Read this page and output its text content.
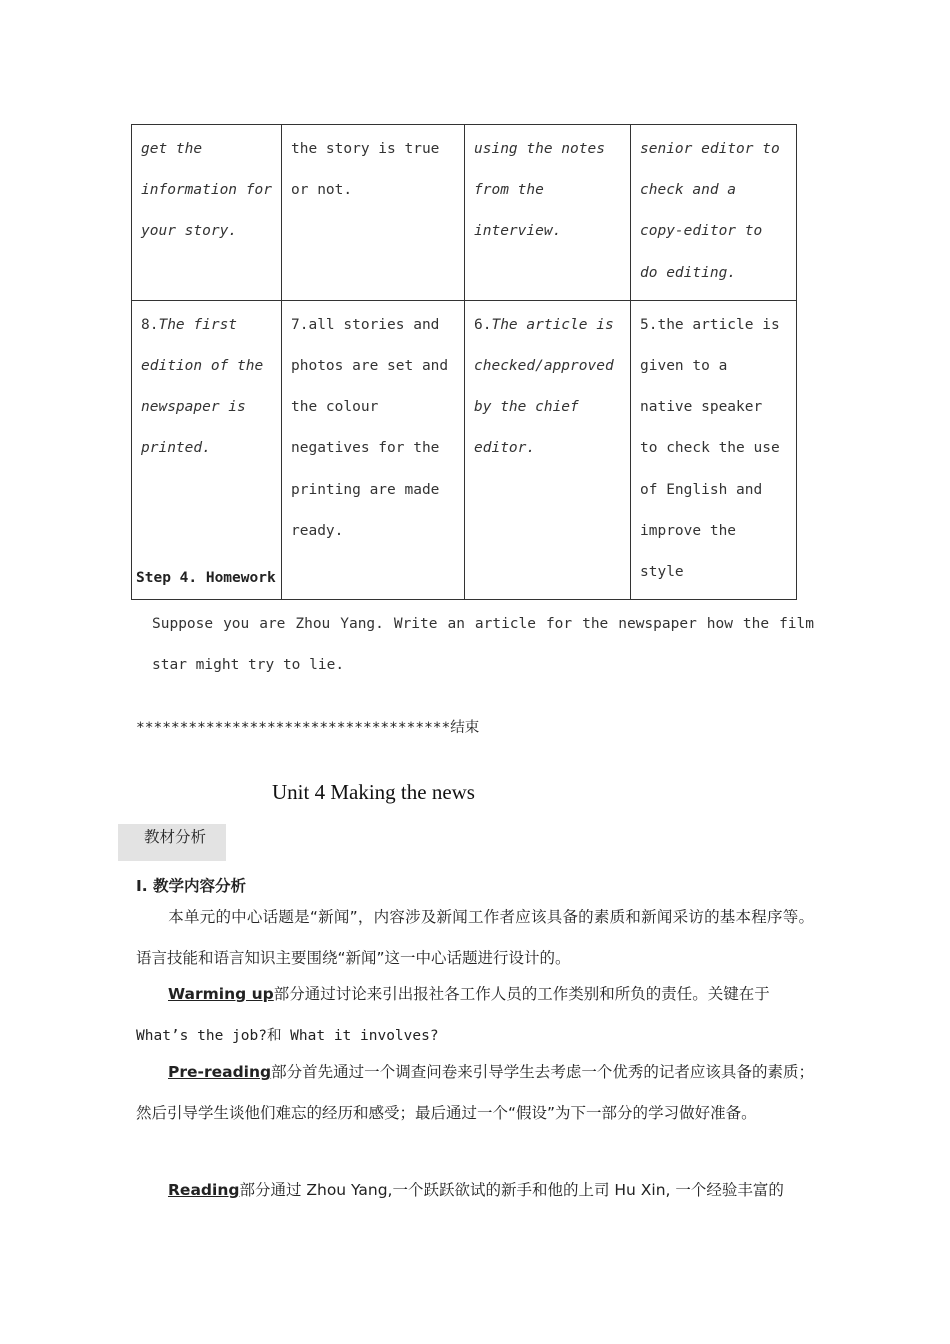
get the information for your story.	the story is true or not.	using the notes from the interview.	senior editor to check and a copy-editor to do editing.
8.The first edition of the newspaper is printed.	7.all stories and photos are set and the colour negatives for the printing are made ready.	6.The article is checked/approved by the chief editor.	5.the article is given to a native speaker to check the use of English and improve the style
Step 4. Homework
Suppose you are Zhou Yang. Write an article for the newspaper how the film star might try to lie.
************************************结束
Unit 4 Making the news
教材分析
I. 教学内容分析
本单元的中心话题是“新闻”，内容涉及新闻工作者应该具备的素质和新闻采访的基本程序等。语言技能和语言知识主要围绕“新闻”这一中心话题进行设计的。
Warming up部分通过讨论来引出报社各工作人员的工作类别和所负的责任。关键在于
What’s the job?和 What it involves?
Pre-reading部分首先通过一个调查问卷来引导学生去考虑一个优秀的记者应该具备的素质；然后引导学生谈他们难忘的经历和感受；最后通过一个“假设”为下一部分的学习做好准备。
Reading部分通过 Zhou Yang,一个跃跃欲试的新手和他的上司 Hu Xin, 一个经验丰富的
